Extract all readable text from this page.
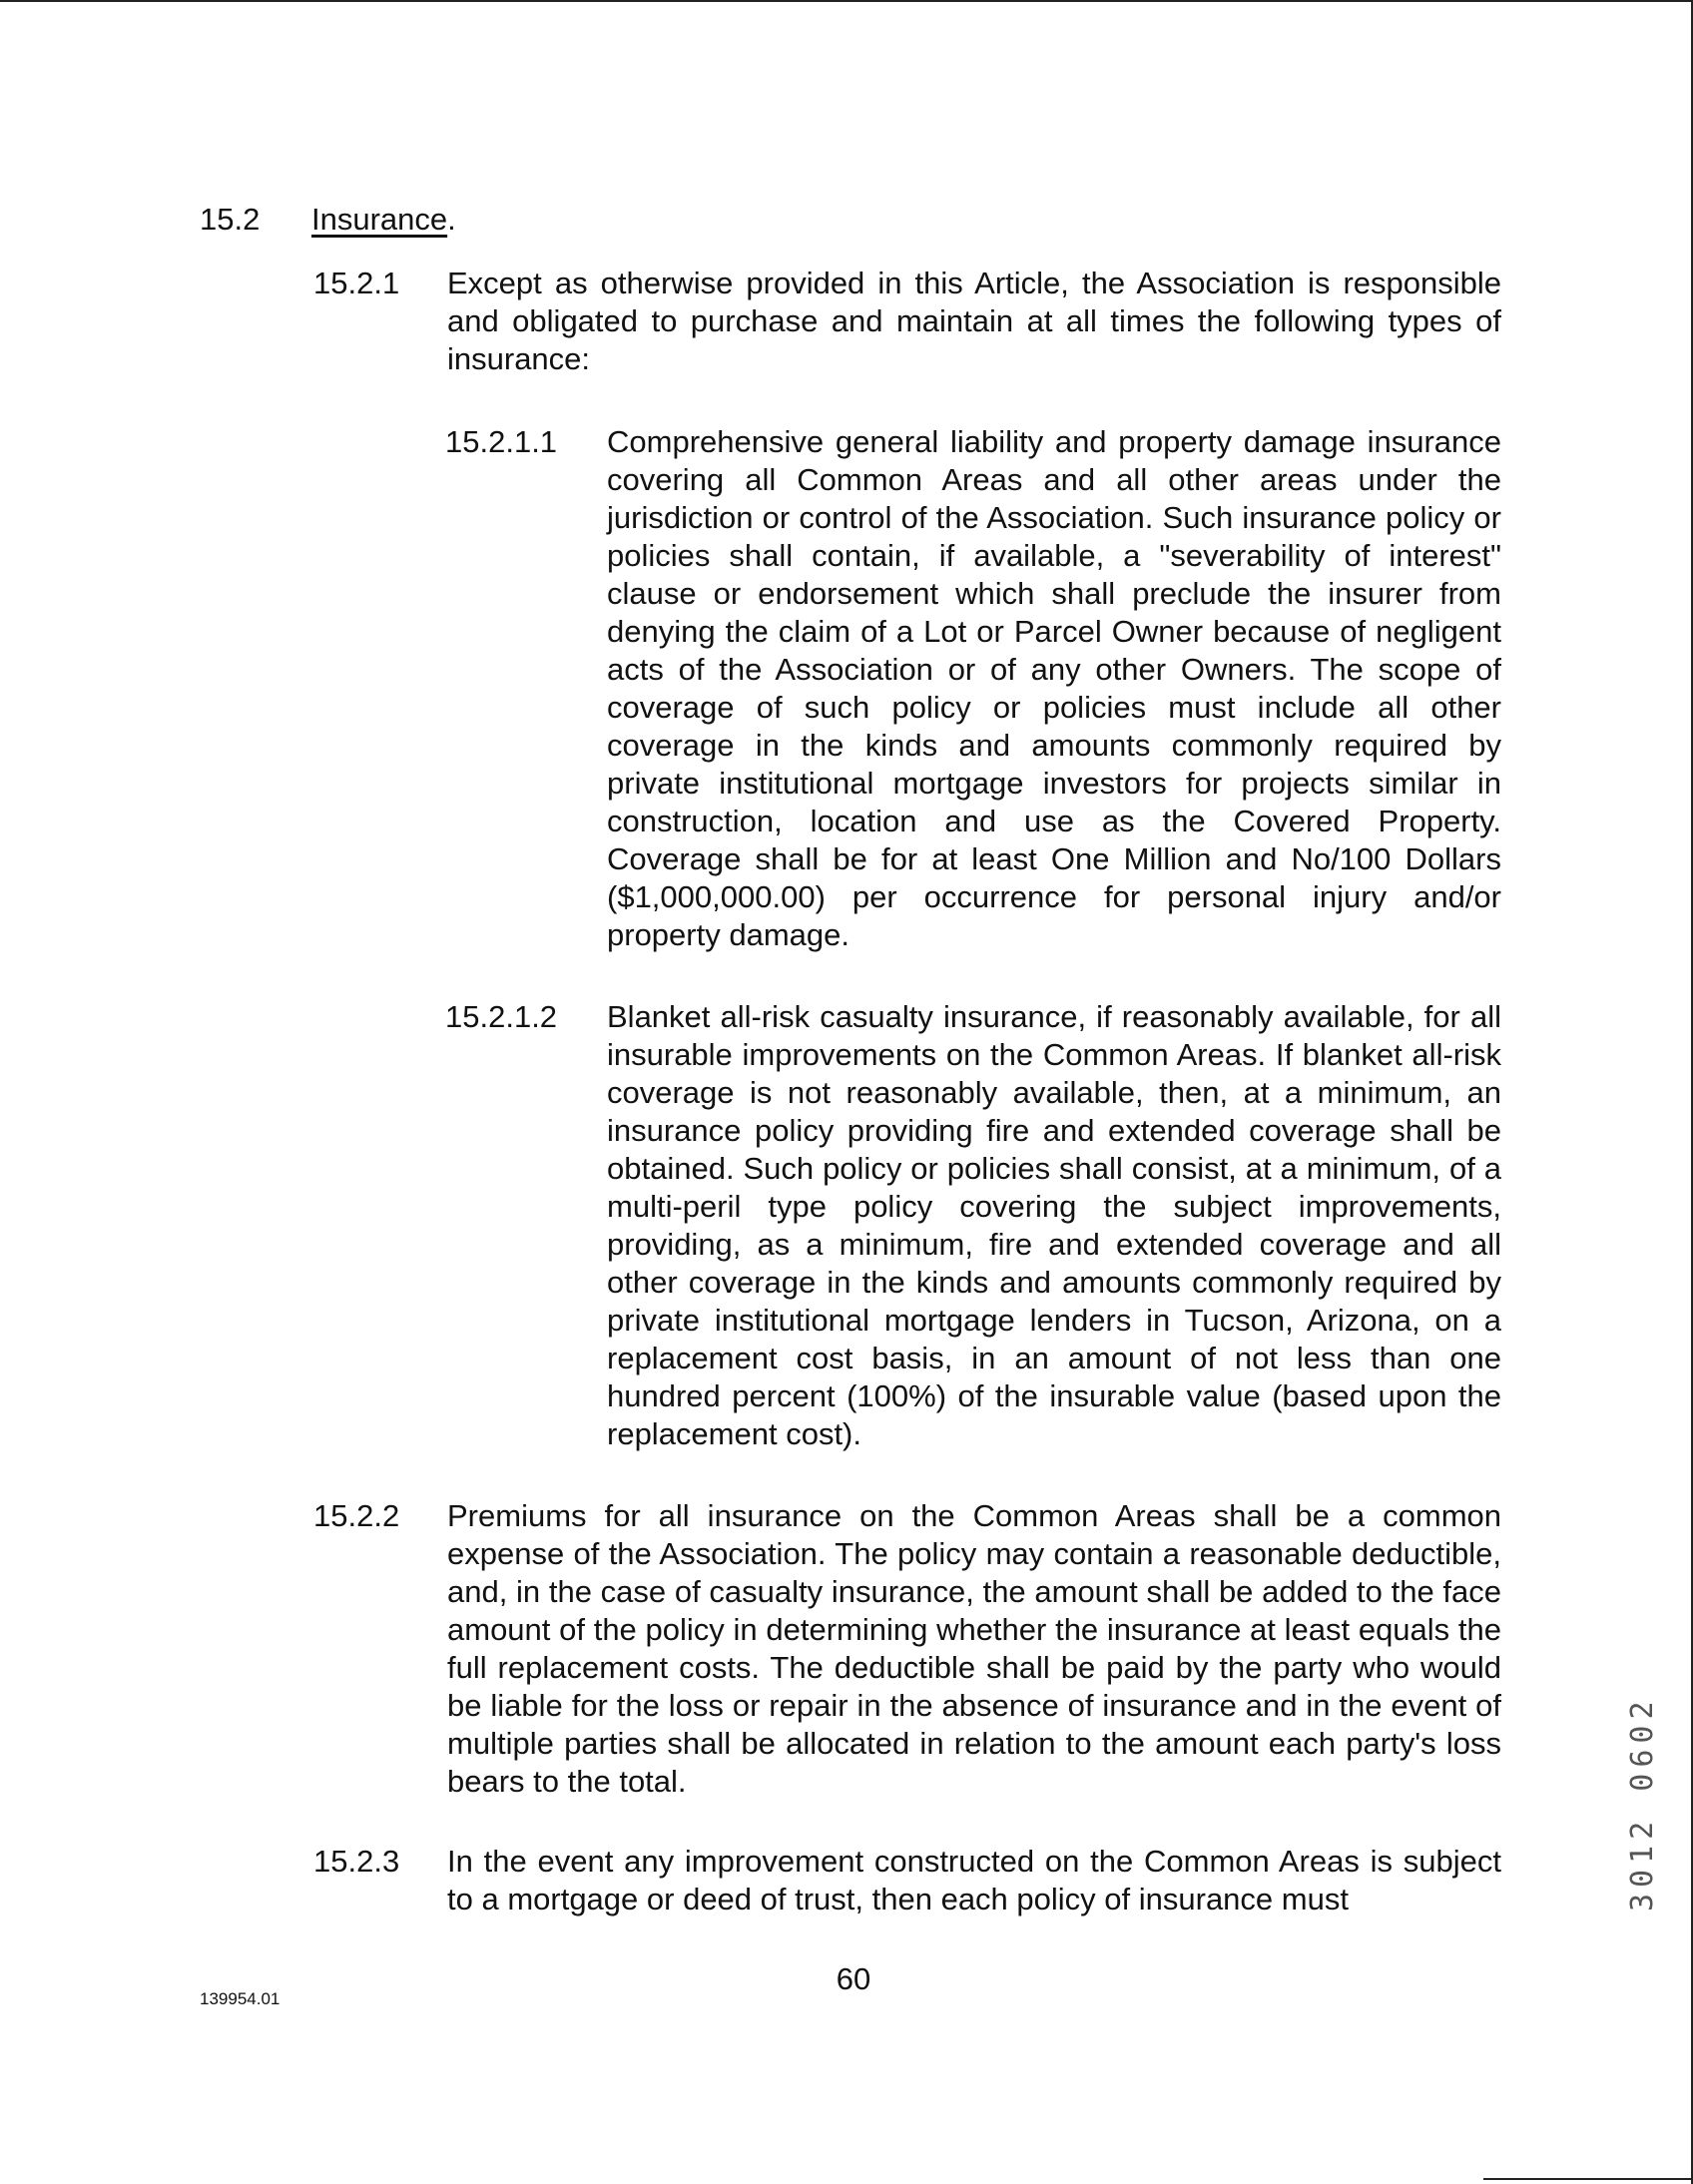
15.2 Insurance.
15.2.1 Except as otherwise provided in this Article, the Association is responsible and obligated to purchase and maintain at all times the following types of insurance:
15.2.1.1 Comprehensive general liability and property damage insurance covering all Common Areas and all other areas under the jurisdiction or control of the Association. Such insurance policy or policies shall contain, if available, a "severability of interest" clause or endorsement which shall preclude the insurer from denying the claim of a Lot or Parcel Owner because of negligent acts of the Association or of any other Owners. The scope of coverage of such policy or policies must include all other coverage in the kinds and amounts commonly required by private institutional mortgage investors for projects similar in construction, location and use as the Covered Property. Coverage shall be for at least One Million and No/100 Dollars ($1,000,000.00) per occurrence for personal injury and/or property damage.
15.2.1.2 Blanket all-risk casualty insurance, if reasonably available, for all insurable improvements on the Common Areas. If blanket all-risk coverage is not reasonably available, then, at a minimum, an insurance policy providing fire and extended coverage shall be obtained. Such policy or policies shall consist, at a minimum, of a multi-peril type policy covering the subject improvements, providing, as a minimum, fire and extended coverage and all other coverage in the kinds and amounts commonly required by private institutional mortgage lenders in Tucson, Arizona, on a replacement cost basis, in an amount of not less than one hundred percent (100%) of the insurable value (based upon the replacement cost).
15.2.2 Premiums for all insurance on the Common Areas shall be a common expense of the Association. The policy may contain a reasonable deductible, and, in the case of casualty insurance, the amount shall be added to the face amount of the policy in determining whether the insurance at least equals the full replacement costs. The deductible shall be paid by the party who would be liable for the loss or repair in the absence of insurance and in the event of multiple parties shall be allocated in relation to the amount each party's loss bears to the total.
15.2.3 In the event any improvement constructed on the Common Areas is subject to a mortgage or deed of trust, then each policy of insurance must
60
139954.01
3012 0602
